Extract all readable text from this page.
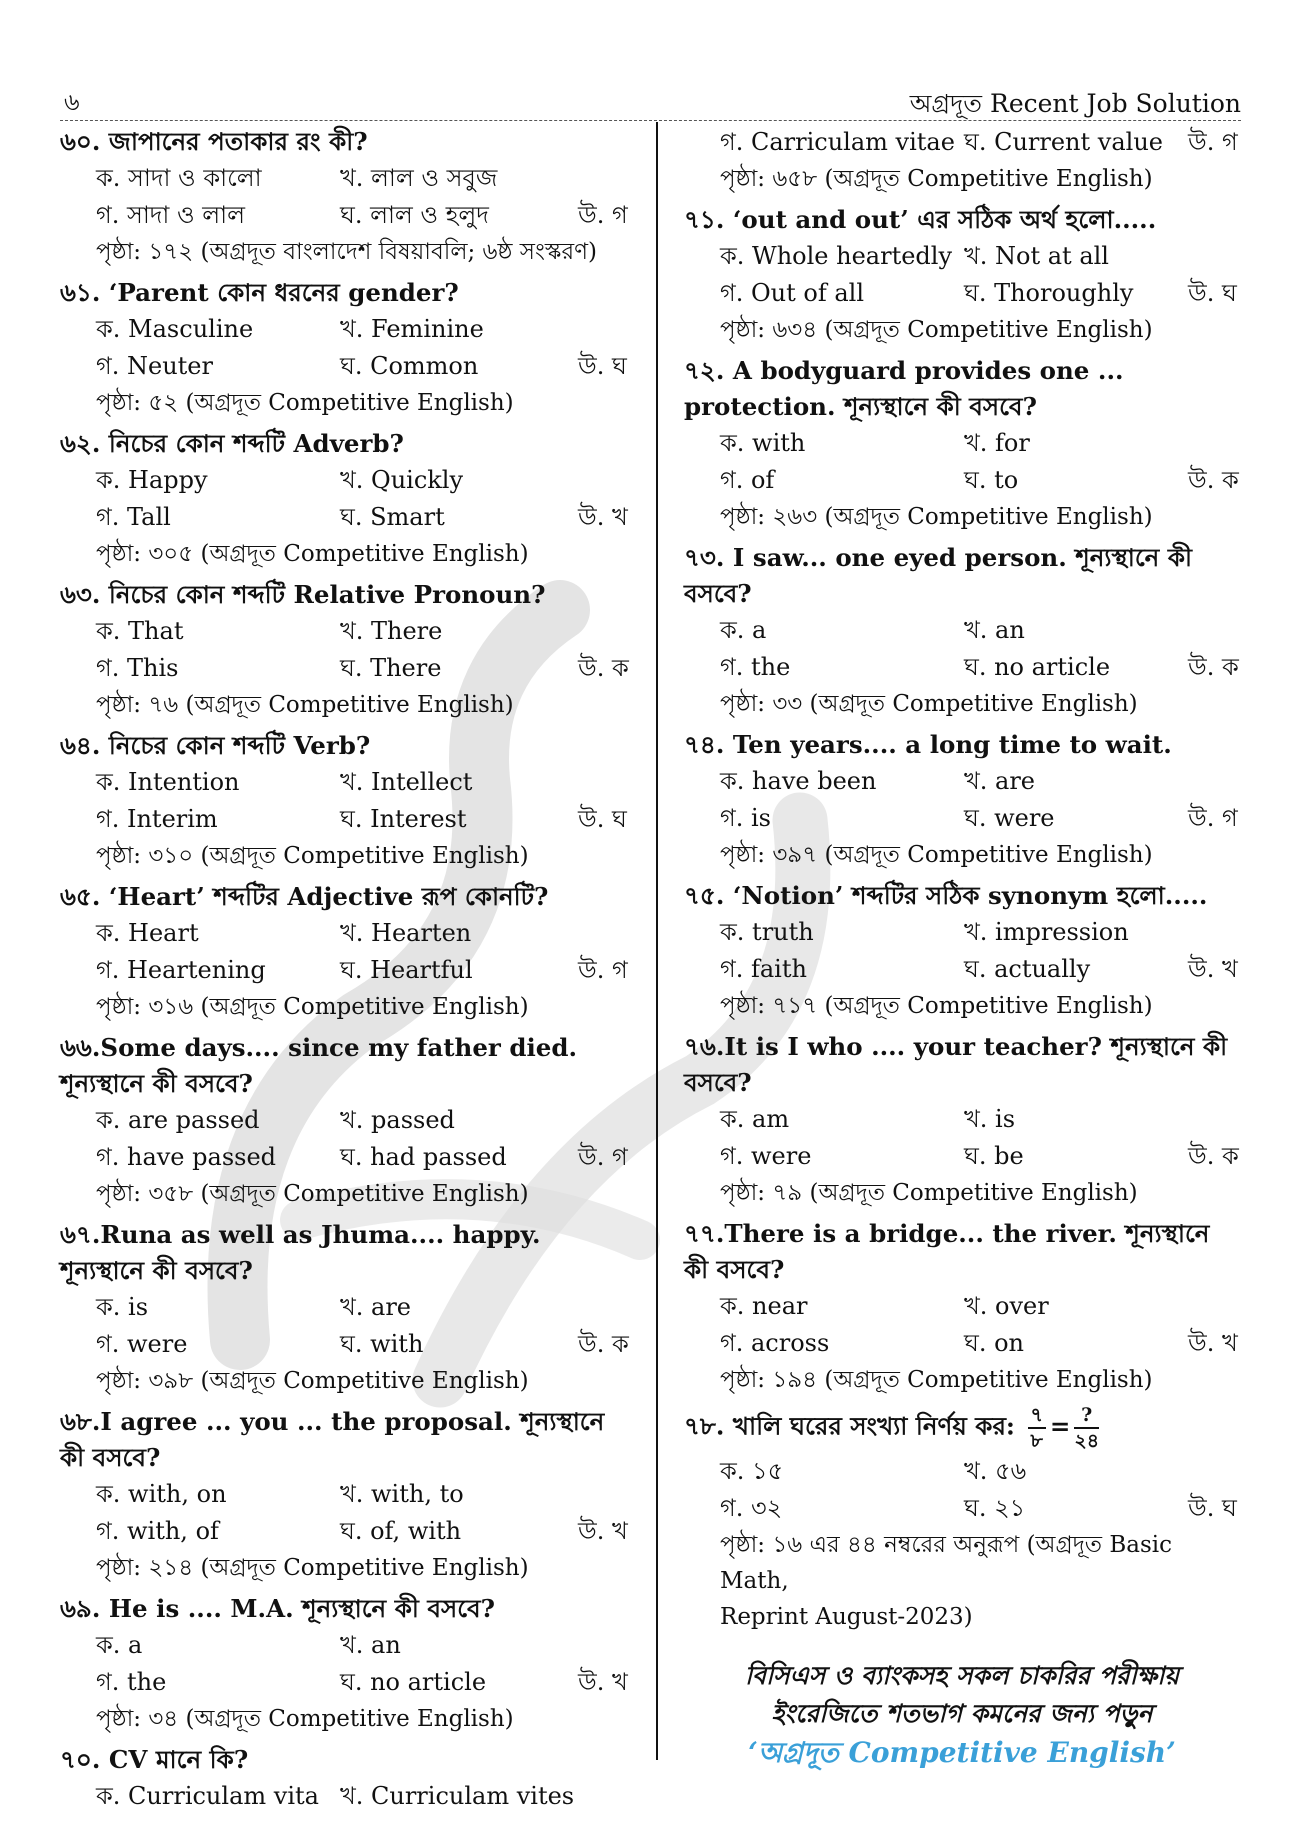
৬	অগ্রদূত Recent Job Solution
৬০. জাপানের পতাকার রং কী?
ক. সাদা ও কালো	খ. লাল ও সবুজ
গ. সাদা ও লাল	ঘ. লাল ও হলুদ	উ. গ
পৃষ্ঠা: ১৭২ (অগ্রদূত বাংলাদেশ বিষয়াবলি; ৬ষ্ঠ সংস্করণ)
৬১. ‘Parent কোন ধরনের gender?
ক. Masculine	খ. Feminine
গ. Neuter	ঘ. Common	উ. ঘ
পৃষ্ঠা: ৫২ (অগ্রদূত Competitive English)
৬২. নিচের কোন শব্দটি Adverb?
ক. Happy	খ. Quickly
গ. Tall	ঘ. Smart	উ. খ
পৃষ্ঠা: ৩০৫ (অগ্রদূত Competitive English)
৬৩. নিচের কোন শব্দটি Relative Pronoun?
ক. That	খ. There
গ. This	ঘ. There	উ. ক
পৃষ্ঠা: ৭৬ (অগ্রদূত Competitive English)
৬৪. নিচের কোন শব্দটি Verb?
ক. Intention	খ. Intellect
গ. Interim	ঘ. Interest	উ. ঘ
পৃষ্ঠা: ৩১০ (অগ্রদূত Competitive English)
৬৫. ‘Heart’ শব্দটির Adjective রূপ কোনটি?
ক. Heart	খ. Hearten
গ. Heartening	ঘ. Heartful	উ. গ
পৃষ্ঠা: ৩১৬ (অগ্রদূত Competitive English)
৬৬.Some days.... since my father died. শূন্যস্থানে কী বসবে?
ক. are passed	খ. passed
গ. have passed	ঘ. had passed	উ. গ
পৃষ্ঠা: ৩৫৮ (অগ্রদূত Competitive English)
৬৭.Runa as well as Jhuma.... happy. শূন্যস্থানে কী বসবে?
ক. is	খ. are
গ. were	ঘ. with	উ. ক
পৃষ্ঠা: ৩৯৮ (অগ্রদূত Competitive English)
৬৮.I agree ... you ... the proposal. শূন্যস্থানে কী বসবে?
ক. with, on	খ. with, to
গ. with, of	ঘ. of, with	উ. খ
পৃষ্ঠা: ২১৪ (অগ্রদূত Competitive English)
৬৯. He is .... M.A. শূন্যস্থানে কী বসবে?
ক. a	খ. an
গ. the	ঘ. no article	উ. খ
পৃষ্ঠা: ৩৪ (অগ্রদূত Competitive English)
৭০. CV মানে কি?
ক. Curriculam vita খ. Curriculam vites
গ. Carriculam vitae ঘ. Current value	উ. গ
পৃষ্ঠা: ৬৫৮ (অগ্রদূত Competitive English)
৭১. ‘out and out’ এর সঠিক অর্থ হলো.....
ক. Whole heartedly খ. Not at all
গ. Out of all	ঘ. Thoroughly	উ. ঘ
পৃষ্ঠা: ৬৩৪ (অগ্রদূত Competitive English)
৭২. A bodyguard provides one ... protection. শূন্যস্থানে কী বসবে?
ক. with	খ. for
গ. of	ঘ. to	উ. ক
পৃষ্ঠা: ২৬৩ (অগ্রদূত Competitive English)
৭৩. I saw... one eyed person. শূন্যস্থানে কী বসবে?
ক. a	খ. an
গ. the	ঘ. no article	উ. ক
পৃষ্ঠা: ৩৩ (অগ্রদূত Competitive English)
৭৪. Ten years.... a long time to wait.
ক. have been	খ. are
গ. is	ঘ. were	উ. গ
পৃষ্ঠা: ৩৯৭ (অগ্রদূত Competitive English)
৭৫. ‘Notion’ শব্দটির সঠিক synonym হলো.....
ক. truth	খ. impression
গ. faith	ঘ. actually	উ. খ
পৃষ্ঠা: ৭১৭ (অগ্রদূত Competitive English)
৭৬.It is I who .... your teacher? শূন্যস্থানে কী বসবে?
ক. am	খ. is
গ. were	ঘ. be	উ. ক
পৃষ্ঠা: ৭৯ (অগ্রদূত Competitive English)
৭৭.There is a bridge... the river. শূন্যস্থানে কী বসবে?
ক. near	খ. over
গ. across	ঘ. on	উ. খ
পৃষ্ঠা: ১৯৪ (অগ্রদূত Competitive English)
৭৮. খালি ঘরের সংখ্যা নির্ণয় কর: $\frac{৭}{৮} = \frac{?}{২৪}$
ক. ১৫	খ. ৫৬
গ. ৩২	ঘ. ২১	উ. ঘ
পৃষ্ঠা: ১৬ এর ৪৪ নম্বরের অনুরূপ (অগ্রদূত Basic Math,
Reprint August-2023)
বিসিএস ও ব্যাংকসহ সকল চাকরির পরীক্ষায়
ইংরেজিতে শতভাগ কমনের জন্য পড়ুন
‘অগ্রদূত Competitive English’
